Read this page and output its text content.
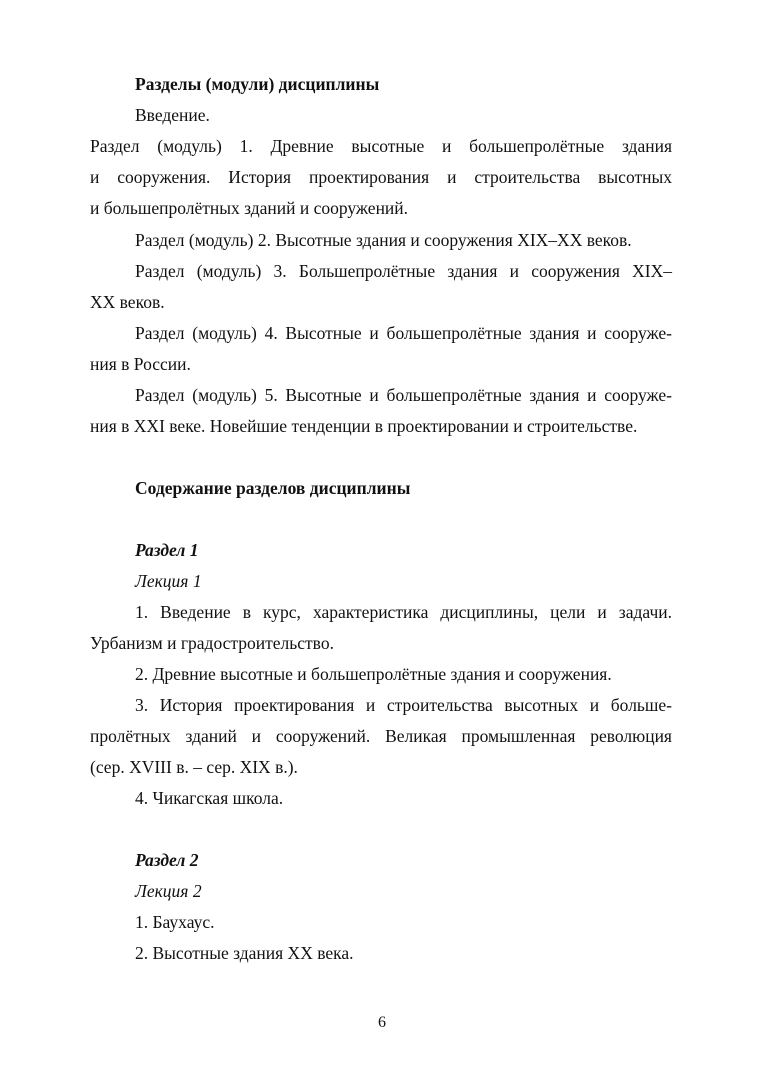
Разделы (модули) дисциплины
Введение.
Раздел (модуль) 1. Древние высотные и большепролётные здания
и сооружения. История проектирования и строительства высотных
и большепролётных зданий и сооружений.
Раздел (модуль) 2. Высотные здания и сооружения XIX–XX веков.
Раздел (модуль) 3. Большепролётные здания и сооружения XIX–
XX веков.
Раздел (модуль) 4. Высотные и большепролётные здания и сооруже-
ния в России.
Раздел (модуль) 5. Высотные и большепролётные здания и сооруже-
ния в XXI веке. Новейшие тенденции в проектировании и строительстве.
Содержание разделов дисциплины
Раздел 1
Лекция 1
1. Введение в курс, характеристика дисциплины, цели и задачи.
Урбанизм и градостроительство.
2. Древние высотные и большепролётные здания и сооружения.
3. История проектирования и строительства высотных и больше-
пролётных зданий и сооружений. Великая промышленная революция
(сер. XVIII в. – сер. XIX в.).
4. Чикагская школа.
Раздел 2
Лекция 2
1. Баухаус.
2. Высотные здания XX века.
6
